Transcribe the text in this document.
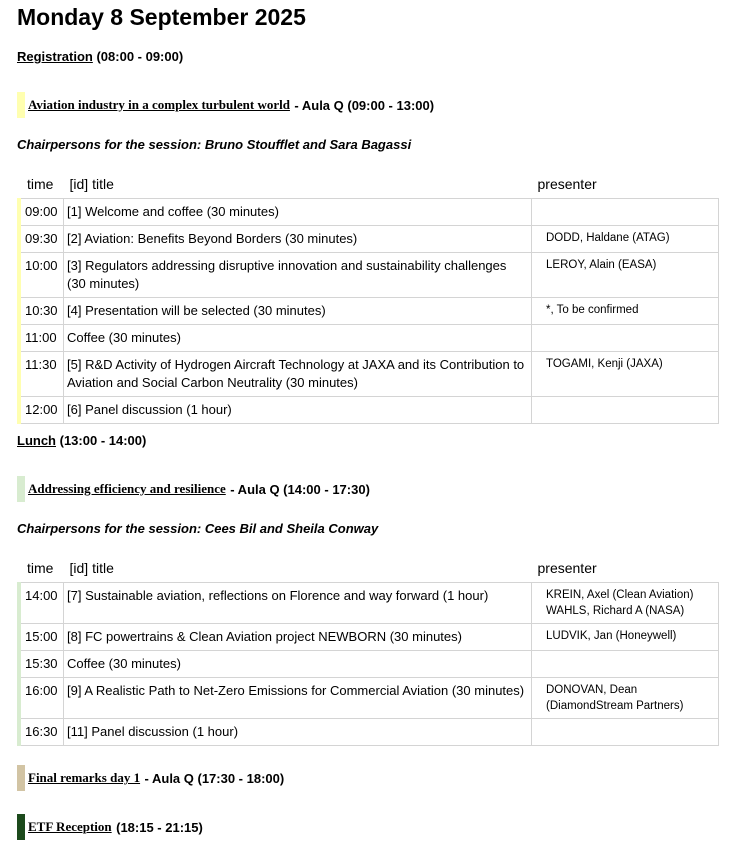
Monday 8 September 2025
Registration (08:00 - 09:00)
Aviation industry in a complex turbulent world
- Aula Q (09:00 - 13:00)
Chairpersons for the session: Bruno Stoufflet and Sara Bagassi
time	[id] title	presenter
09:00	[1] Welcome and coffee (30 minutes)	
09:30	[2] Aviation: Benefits Beyond Borders (30 minutes)	DODD, Haldane (ATAG)
10:00	[3] Regulators addressing disruptive innovation and sustainability challenges (30 minutes)	LEROY, Alain (EASA)
10:30	[4] Presentation will be selected (30 minutes)	*, To be confirmed
11:00	Coffee (30 minutes)	
11:30	[5] R&D Activity of Hydrogen Aircraft Technology at JAXA and its Contribution to Aviation and Social Carbon Neutrality (30 minutes)	TOGAMI, Kenji (JAXA)
12:00	[6] Panel discussion (1 hour)	
Lunch (13:00 - 14:00)
Addressing efficiency and resilience
- Aula Q (14:00 - 17:30)
Chairpersons for the session: Cees Bil and Sheila Conway
time	[id] title	presenter
14:00	[7] Sustainable aviation, reflections on Florence and way forward (1 hour)	KREIN, Axel (Clean Aviation)
WAHLS, Richard A (NASA)

15:00	[8] FC powertrains & Clean Aviation project NEWBORN (30 minutes)	LUDVIK, Jan (Honeywell)
15:30	Coffee (30 minutes)	
16:00	[9] A Realistic Path to Net-Zero Emissions for Commercial Aviation (30 minutes)	DONOVAN, Dean (DiamondStream Partners)
16:30	[11] Panel discussion (1 hour)	
Final remarks day 1
- Aula Q (17:30 - 18:00)
ETF Reception
(18:15 - 21:15)
